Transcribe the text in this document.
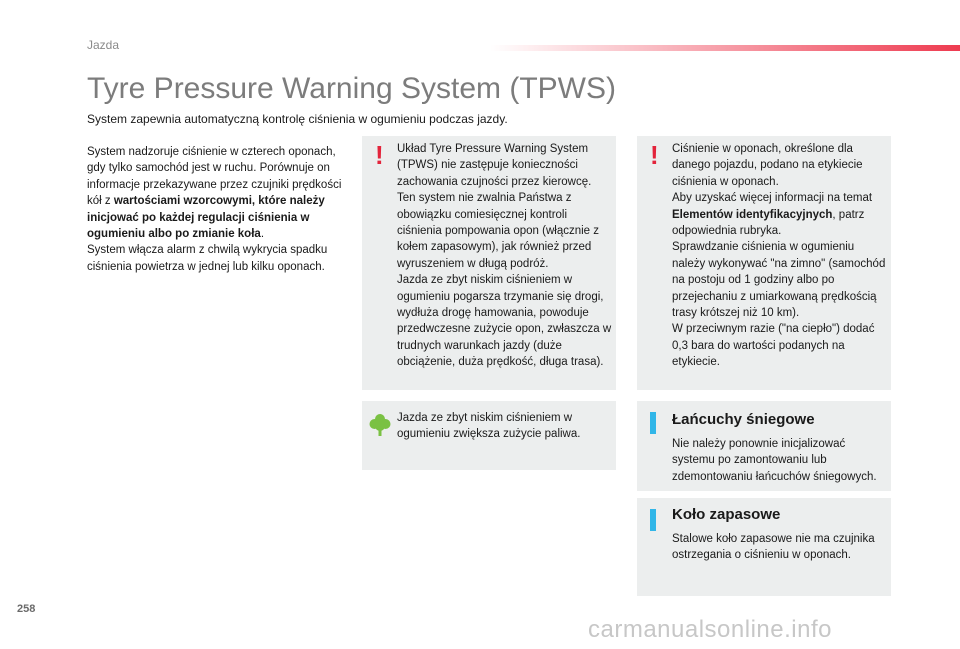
Jazda
Tyre Pressure Warning System (TPWS)

System zapewnia automatyczną kontrolę ciśnienia w ogumieniu podczas jazdy.

System nadzoruje ciśnienie w czterech oponach, gdy tylko samochód jest w ruchu. Porównuje on informacje przekazywane przez czujniki prędkości kół z wartościami wzorcowymi, które należy inicjować po każdej regulacji ciśnienia w ogumieniu albo po zmianie koła.

System włącza alarm z chwilą wykrycia spadku ciśnienia powietrza w jednej lub kilku oponach.

! Układ Tyre Pressure Warning System (TPWS) nie zastępuje konieczności zachowania czujności przez kierowcę. Ten system nie zwalnia Państwa z obowiązku comiesięcznej kontroli ciśnienia pompowania opon (włącznie z kołem zapasowym), jak również przed wyruszeniem w długą podróż.
Jazda ze zbyt niskim ciśnieniem w ogumieniu pogarsza trzymanie się drogi, wydłuża drogę hamowania, powoduje przedwczesne zużycie opon, zwłaszcza w trudnych warunkach jazdy (duże obciążenie, duża prędkość, długa trasa).

! Ciśnienie w oponach, określone dla danego pojazdu, podano na etykiecie ciśnienia w oponach.
Aby uzyskać więcej informacji na temat Elementów identyfikacyjnych, patrz odpowiednia rubryka.
Sprawdzanie ciśnienia w ogumieniu należy wykonywać "na zimno" (samochód na postoju od 1 godziny albo po przejechaniu z umiarkowaną prędkością trasy krótszej niż 10 km).
W przeciwnym razie ("na ciepło") dodać 0,3 bara do wartości podanych na etykiecie.

Jazda ze zbyt niskim ciśnieniem w ogumieniu zwiększa zużycie paliwa.

Łańcuchy śniegowe

Nie należy ponownie inicjalizować systemu po zamontowaniu lub zdemontowaniu łańcuchów śniegowych.

Koło zapasowe

Stalowe koło zapasowe nie ma czujnika ostrzegania o ciśnieniu w oponach.

258
carmanualsonline.info
